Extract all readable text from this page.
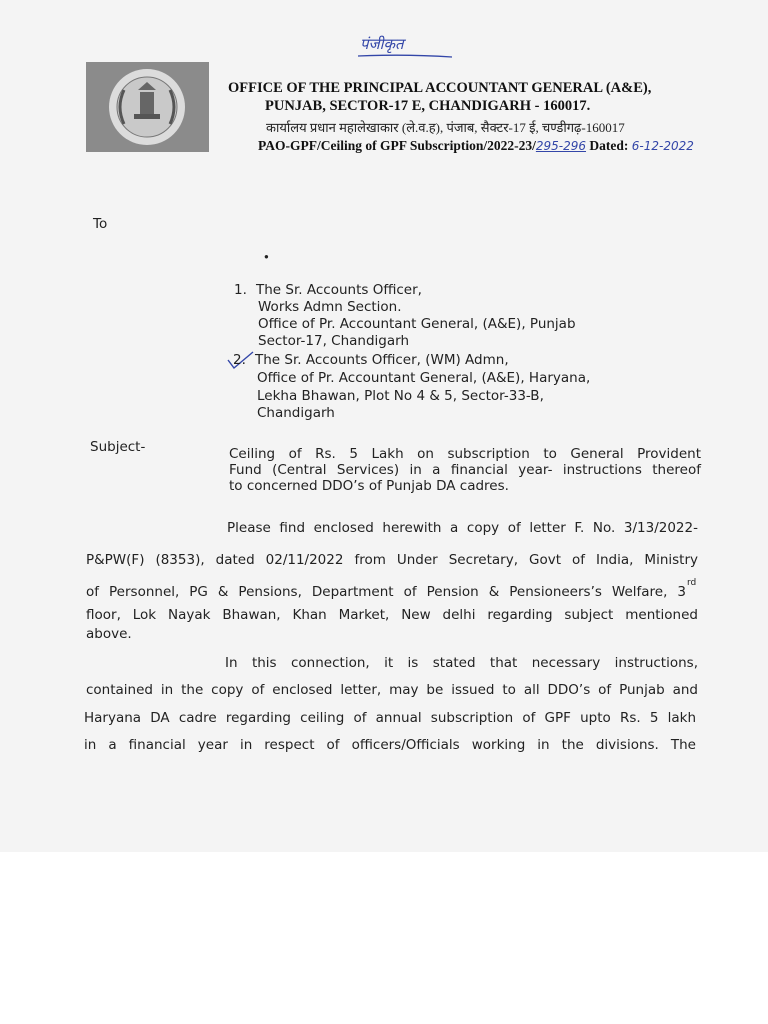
पंजीकृत
OFFICE OF THE PRINCIPAL ACCOUNTANT GENERAL (A&E),
PUNJAB, SECTOR-17 E, CHANDIGARH - 160017.
कार्यालय प्रधान महालेखाकार (ले.व.ह), पंजाब, सैक्टर-17 ई, चण्डीगढ़-160017
PAO-GPF/Ceiling of GPF Subscription/2022-23/295-296 Dated: 6-12-2022
To
●
1. The Sr. Accounts Officer,
Works Admn Section.
Office of Pr. Accountant General, (A&E), Punjab
Sector-17, Chandigarh
2. The Sr. Accounts Officer, (WM) Admn,
Office of Pr. Accountant General, (A&E), Haryana,
Lekha Bhawan, Plot No 4 & 5, Sector-33-B,
Chandigarh
Subject-	Ceiling of Rs. 5 Lakh on subscription to General Provident
Fund (Central Services) in a financial year- instructions thereof
to concerned DDO’s of Punjab DA cadres.
Please find enclosed herewith a copy of letter F. No. 3/13/2022-
P&PW(F) (8353), dated 02/11/2022 from Under Secretary, Govt of India, Ministry
of Personnel, PG & Pensions, Department of Pension & Pensioneers’s Welfare, 3
rd
floor, Lok Nayak Bhawan, Khan Market, New delhi regarding subject mentioned
above.
In this connection, it is stated that necessary instructions,
contained in the copy of enclosed letter, may be issued to all DDO’s of Punjab and
Haryana DA cadre regarding ceiling of annual subscription of GPF upto Rs. 5 lakh
in a financial year in respect of officers/Officials working in the divisions. The
